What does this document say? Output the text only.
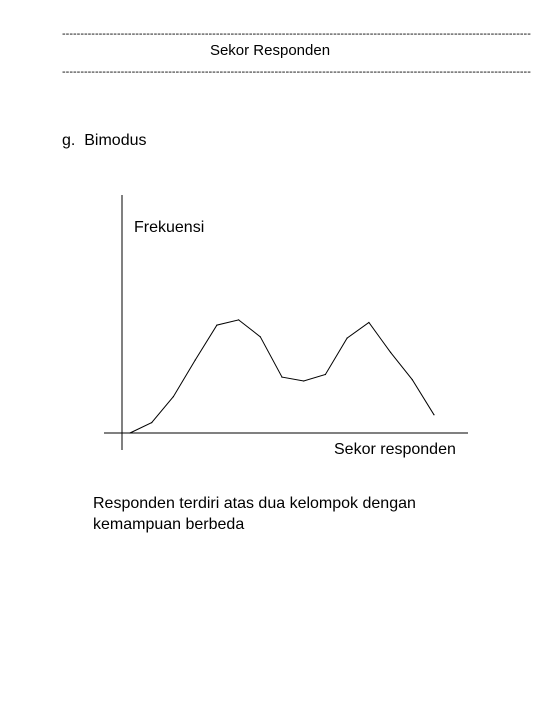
--------------------------------------------------------------------------------------------------------------------------------
Sekor Responden
--------------------------------------------------------------------------------------------------------------------------------
g.  Bimodus
Frekuensi
Sekor responden
Responden terdiri atas dua kelompok dengan
kemampuan berbeda
